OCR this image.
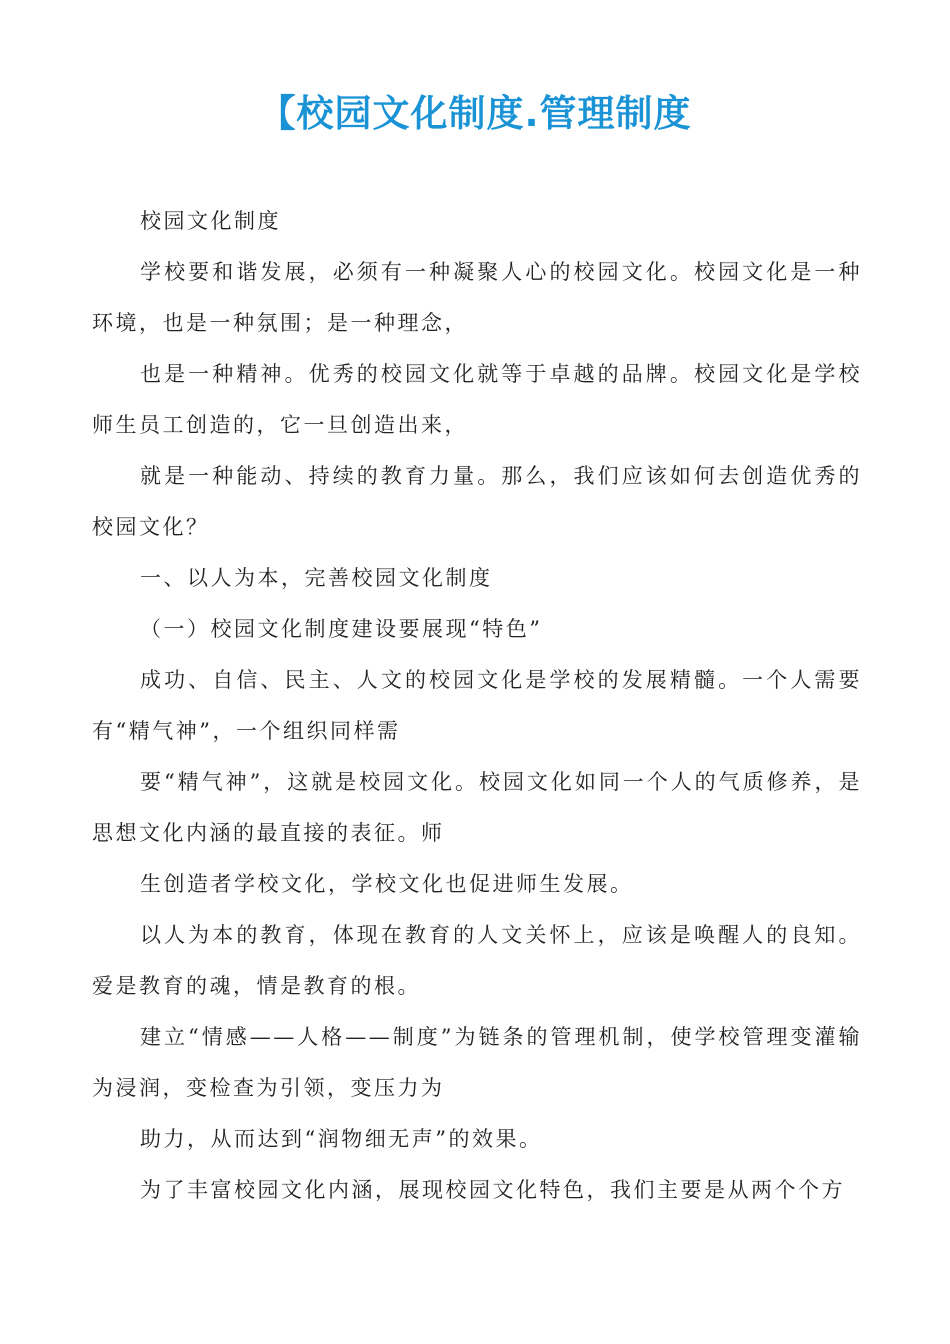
【校园文化制度.管理制度

校园文化制度

学校要和谐发展，必须有一种凝聚人心的校园文化。校园文化是一种环境，也是一种氛围；是一种理念，

也是一种精神。优秀的校园文化就等于卓越的品牌。校园文化是学校师生员工创造的，它一旦创造出来，

就是一种能动、持续的教育力量。那么，我们应该如何去创造优秀的校园文化？

一、以人为本，完善校园文化制度

（一）校园文化制度建设要展现“特色”

成功、自信、民主、人文的校园文化是学校的发展精髓。一个人需要有“精气神”，一个组织同样需

要“精气神”，这就是校园文化。校园文化如同一个人的气质修养，是思想文化内涵的最直接的表征。师

生创造者学校文化，学校文化也促进师生发展。

以人为本的教育，体现在教育的人文关怀上，应该是唤醒人的良知。爱是教育的魂，情是教育的根。

建立“情感——人格——制度”为链条的管理机制，使学校管理变灌输为浸润，变检查为引领，变压力为

助力，从而达到“润物细无声”的效果。

为了丰富校园文化内涵，展现校园文化特色，我们主要是从两个个方
